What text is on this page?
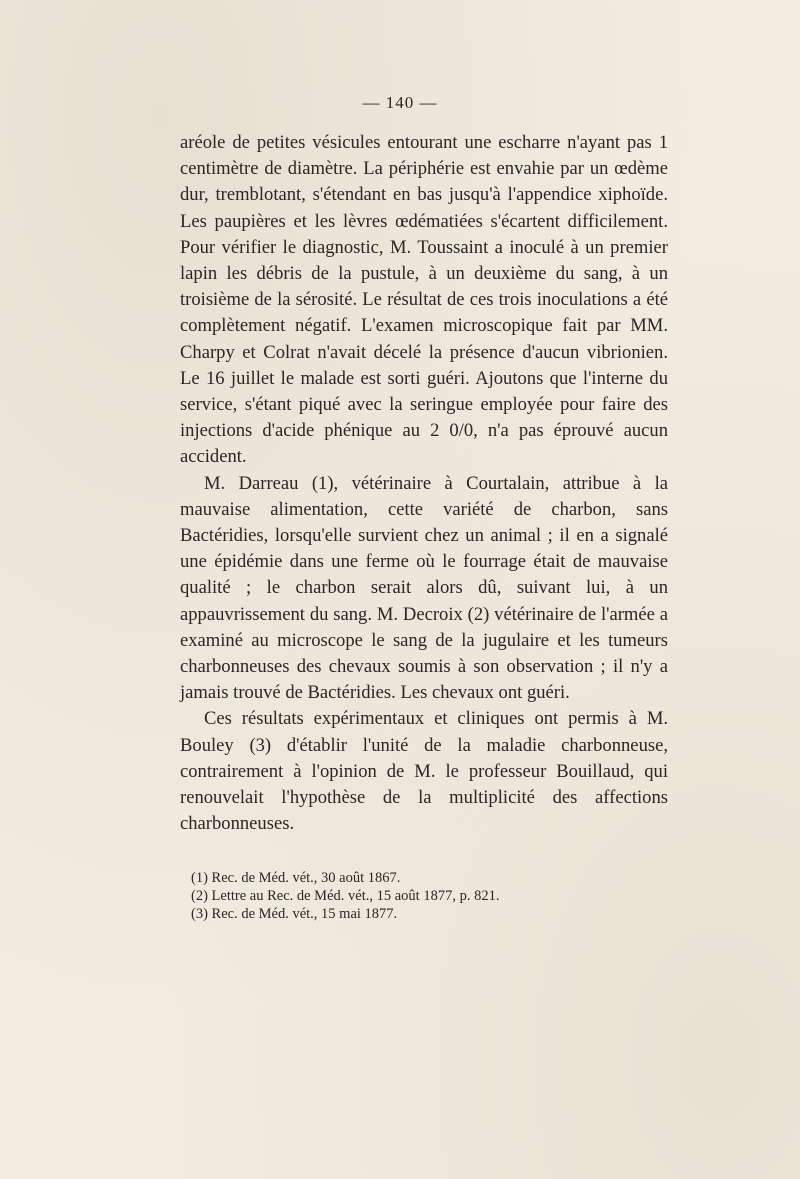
— 140 —

aréole de petites vésicules entourant une escharre n'ayant pas 1 centimètre de diamètre. La périphérie est envahie par un œdème dur, tremblotant, s'étendant en bas jusqu'à l'appendice xiphoïde. Les paupières et les lèvres œdématiées s'écartent difficilement. Pour vérifier le diagnostic, M. Toussaint a inoculé à un premier lapin les débris de la pustule, à un deuxième du sang, à un troisième de la sérosité. Le résultat de ces trois inoculations a été complètement négatif. L'examen microscopique fait par MM. Charpy et Colrat n'avait décelé la présence d'aucun vibrionien. Le 16 juillet le malade est sorti guéri. Ajoutons que l'interne du service, s'étant piqué avec la seringue employée pour faire des injections d'acide phénique au 2 0/0, n'a pas éprouvé aucun accident.

M. Darreau (1), vétérinaire à Courtalain, attribue à la mauvaise alimentation, cette variété de charbon, sans Bactéridies, lorsqu'elle survient chez un animal ; il en a signalé une épidémie dans une ferme où le fourrage était de mauvaise qualité ; le charbon serait alors dû, suivant lui, à un appauvrissement du sang. M. Decroix (2) vétérinaire de l'armée a examiné au microscope le sang de la jugulaire et les tumeurs charbonneuses des chevaux soumis à son observation ; il n'y a jamais trouvé de Bactéridies. Les chevaux ont guéri.

Ces résultats expérimentaux et cliniques ont permis à M. Bouley (3) d'établir l'unité de la maladie charbonneuse, contrairement à l'opinion de M. le professeur Bouillaud, qui renouvelait l'hypothèse de la multiplicité des affections charbonneuses.

(1) Rec. de Méd. vét., 30 août 1867.

(2) Lettre au Rec. de Méd. vét., 15 août 1877, p. 821.

(3) Rec. de Méd. vét., 15 mai 1877.
